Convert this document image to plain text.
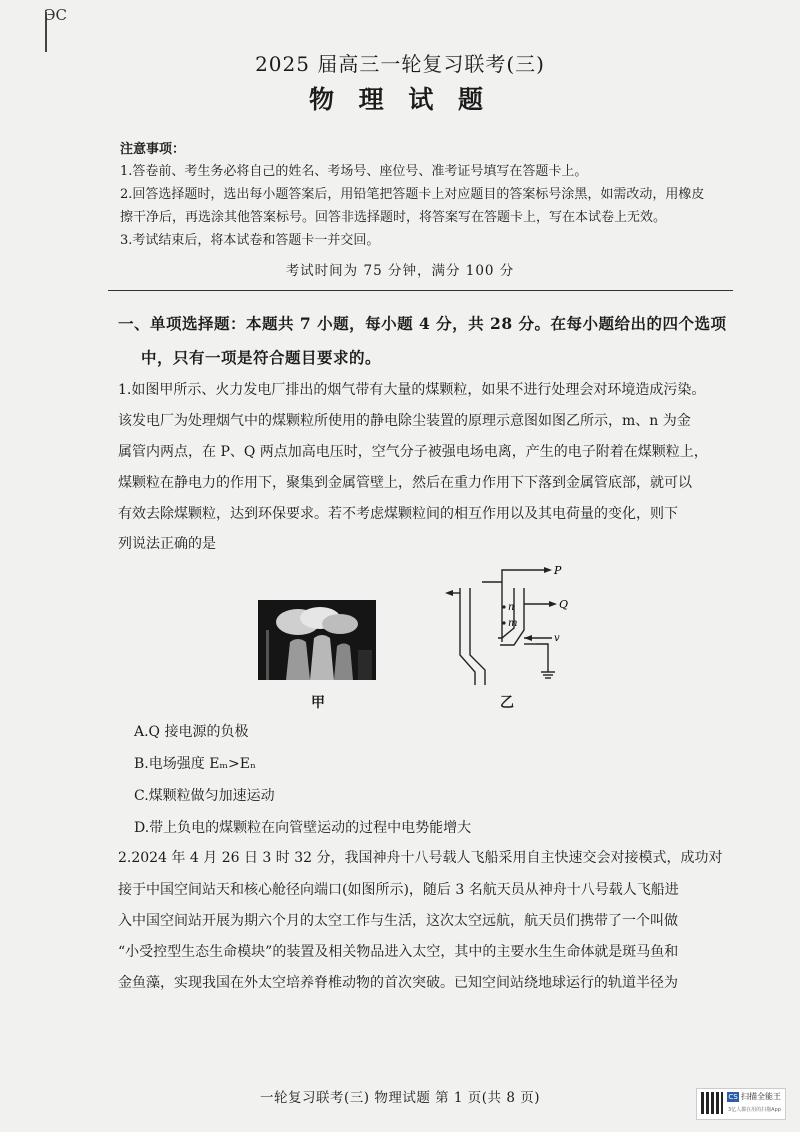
ЭC
2025 届高三一轮复习联考(三)
物 理 试 题
注意事项：
1.答卷前、考生务必将自己的姓名、考场号、座位号、准考证号填写在答题卡上。
2.回答选择题时，选出每小题答案后，用铅笔把答题卡上对应题目的答案标号涂黑，如需改动，用橡皮
擦干净后，再选涂其他答案标号。回答非选择题时，将答案写在答题卡上，写在本试卷上无效。
3.考试结束后，将本试卷和答题卡一并交回。
考试时间为 75 分钟，满分 100 分
一、单项选择题：本题共 7 小题，每小题 4 分，共 28 分。在每小题给出的四个选项
中，只有一项是符合题目要求的。
1.如图甲所示、火力发电厂排出的烟气带有大量的煤颗粒，如果不进行处理会对环境造成污染。
该发电厂为处理烟气中的煤颗粒所使用的静电除尘装置的原理示意图如图乙所示，m、n 为金
属管内两点，在 P、Q 两点加高电压时，空气分子被强电场电离，产生的电子附着在煤颗粒上，
煤颗粒在静电力的作用下，聚集到金属管壁上，然后在重力作用下下落到金属管底部，就可以
有效去除煤颗粒，达到环保要求。若不考虑煤颗粒间的相互作用以及其电荷量的变化，则下
列说法正确的是
甲
P
Q
n
m
v
乙
A.Q 接电源的负极
B.电场强度 Eₘ>Eₙ
C.煤颗粒做匀加速运动
D.带上负电的煤颗粒在向管壁运动的过程中电势能增大
2.2024 年 4 月 26 日 3 时 32 分，我国神舟十八号载人飞船采用自主快速交会对接模式，成功对
接于中国空间站天和核心舱径向端口(如图所示)，随后 3 名航天员从神舟十八号载人飞船进
入中国空间站开展为期六个月的太空工作与生活，这次太空远航，航天员们携带了一个叫做
“小受控型生态生命模块”的装置及相关物品进入太空，其中的主要水生生命体就是斑马鱼和
金鱼藻，实现我国在外太空培养脊椎动物的首次突破。已知空间站绕地球运行的轨道半径为
一轮复习联考(三) 物理试题 第 1 页(共 8 页)	CS 扫描全能王
3亿人都在用的扫描App
